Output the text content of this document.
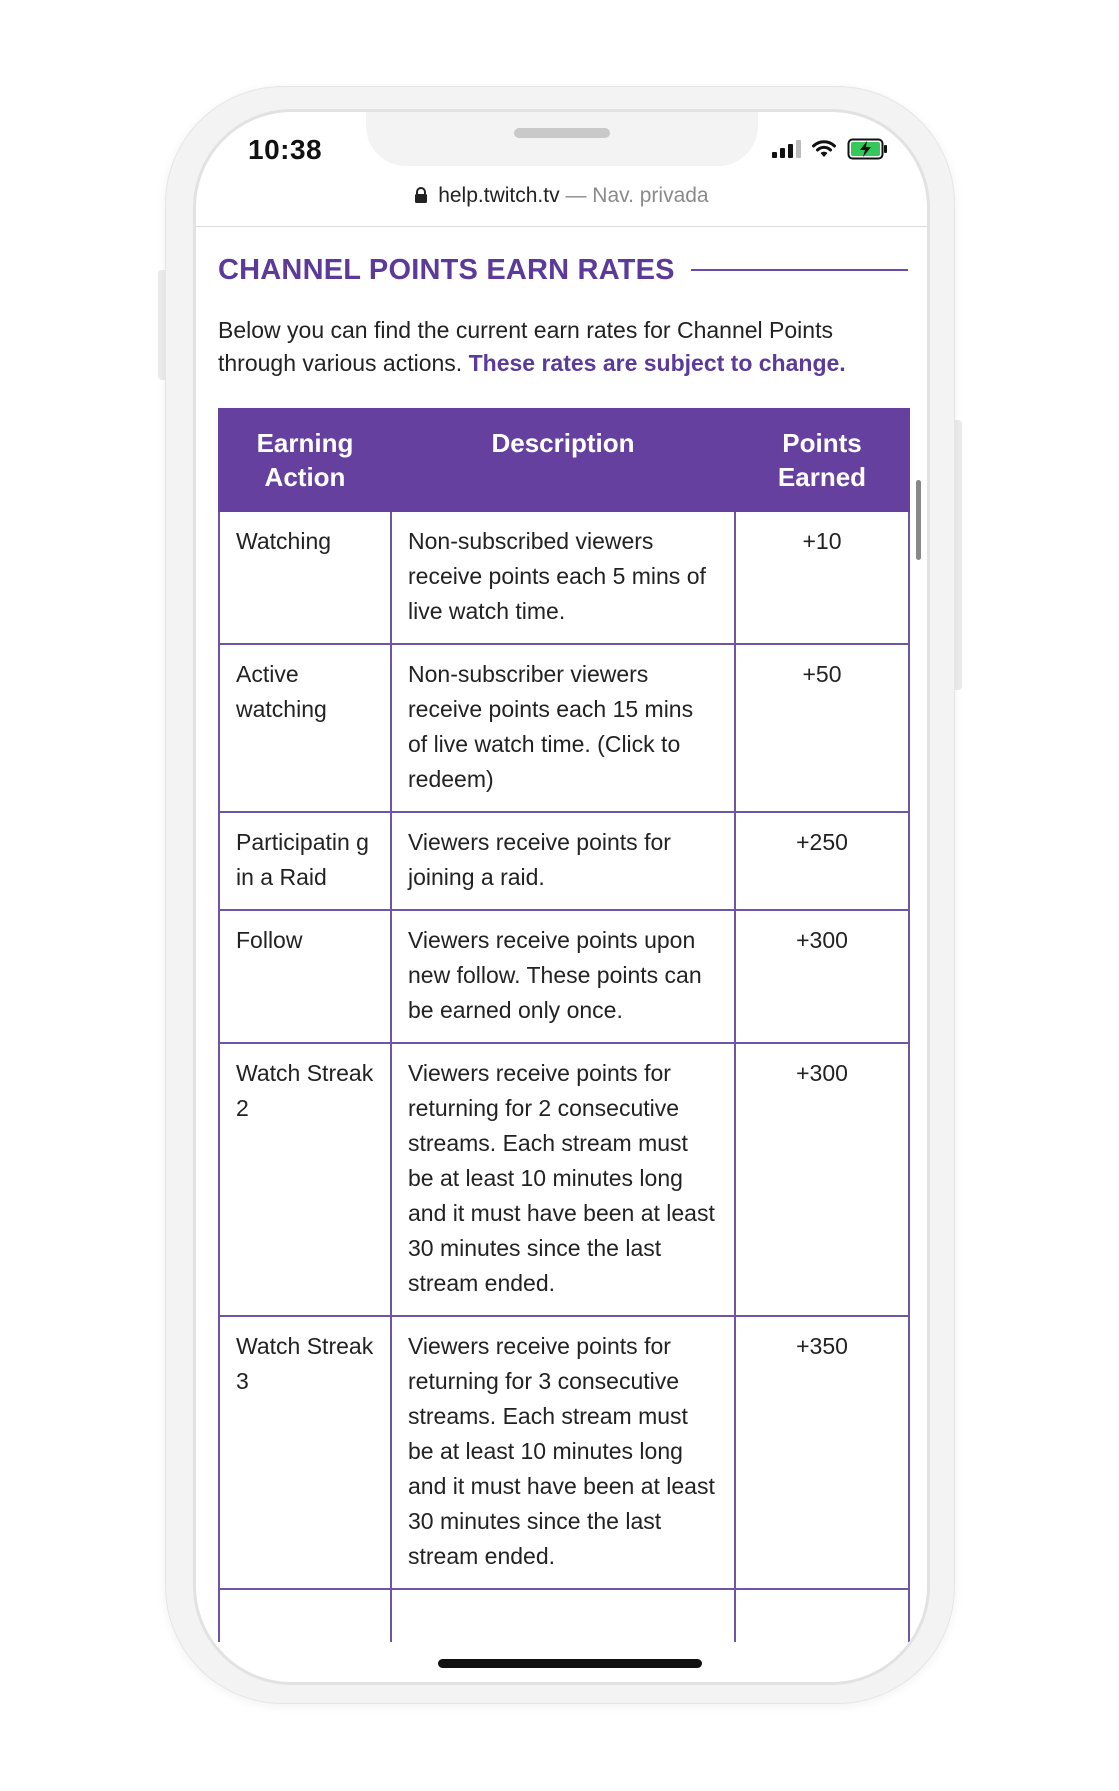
10:38
help.twitch.tv — Nav. privada
CHANNEL POINTS EARN RATES
Below you can find the current earn rates for Channel Points through various actions. These rates are subject to change.
Earning Action	Description	Points Earned
Watching	Non-subscribed viewers receive points each 5 mins of live watch time.	+10
Active watching	Non-subscriber viewers receive points each 15 mins of live watch time. (Click to redeem)	+50
Participatin g in a Raid	Viewers receive points for joining a raid.	+250
Follow	Viewers receive points upon new follow. These points can be earned only once.	+300
Watch Streak 2	Viewers receive points for returning for 2 consecutive streams. Each stream must be at least 10 minutes long and it must have been at least 30 minutes since the last stream ended.	+300
Watch Streak 3	Viewers receive points for returning for 3 consecutive streams. Each stream must be at least 10 minutes long and it must have been at least 30 minutes since the last stream ended.	+350
